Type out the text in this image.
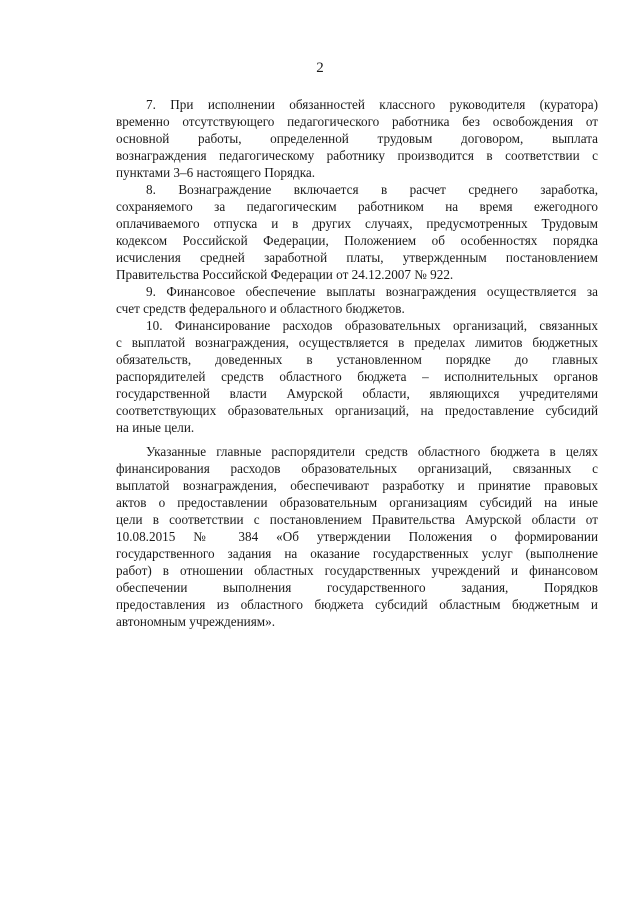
2
7. При исполнении обязанностей классного руководителя (куратора)
временно отсутствующего педагогического работника без освобождения от
основной работы, определенной трудовым договором, выплата
вознаграждения педагогическому работнику производится в соответствии с
пунктами 3–6 настоящего Порядка.
8. Вознаграждение включается в расчет среднего заработка,
сохраняемого за педагогическим работником на время ежегодного
оплачиваемого отпуска и в других случаях, предусмотренных Трудовым
кодексом Российской Федерации, Положением об особенностях порядка
исчисления средней заработной платы, утвержденным постановлением
Правительства Российской Федерации от 24.12.2007 № 922.
9. Финансовое обеспечение выплаты вознаграждения осуществляется за
счет средств федерального и областного бюджетов.
10. Финансирование расходов образовательных организаций, связанных
с выплатой вознаграждения, осуществляется в пределах лимитов бюджетных
обязательств, доведенных в установленном порядке до главных
распорядителей средств областного бюджета – исполнительных органов
государственной власти Амурской области, являющихся учредителями
соответствующих образовательных организаций, на предоставление субсидий
на иные цели.
Указанные главные распорядители средств областного бюджета в целях
финансирования расходов образовательных организаций, связанных с
выплатой вознаграждения, обеспечивают разработку и принятие правовых
актов о предоставлении образовательным организациям субсидий на иные
цели в соответствии с постановлением Правительства Амурской области от
10.08.2015 № 384 «Об утверждении Положения о формировании
государственного задания на оказание государственных услуг (выполнение
работ) в отношении областных государственных учреждений и финансовом
обеспечении выполнения государственного задания, Порядков
предоставления из областного бюджета субсидий областным бюджетным и
автономным учреждениям».
